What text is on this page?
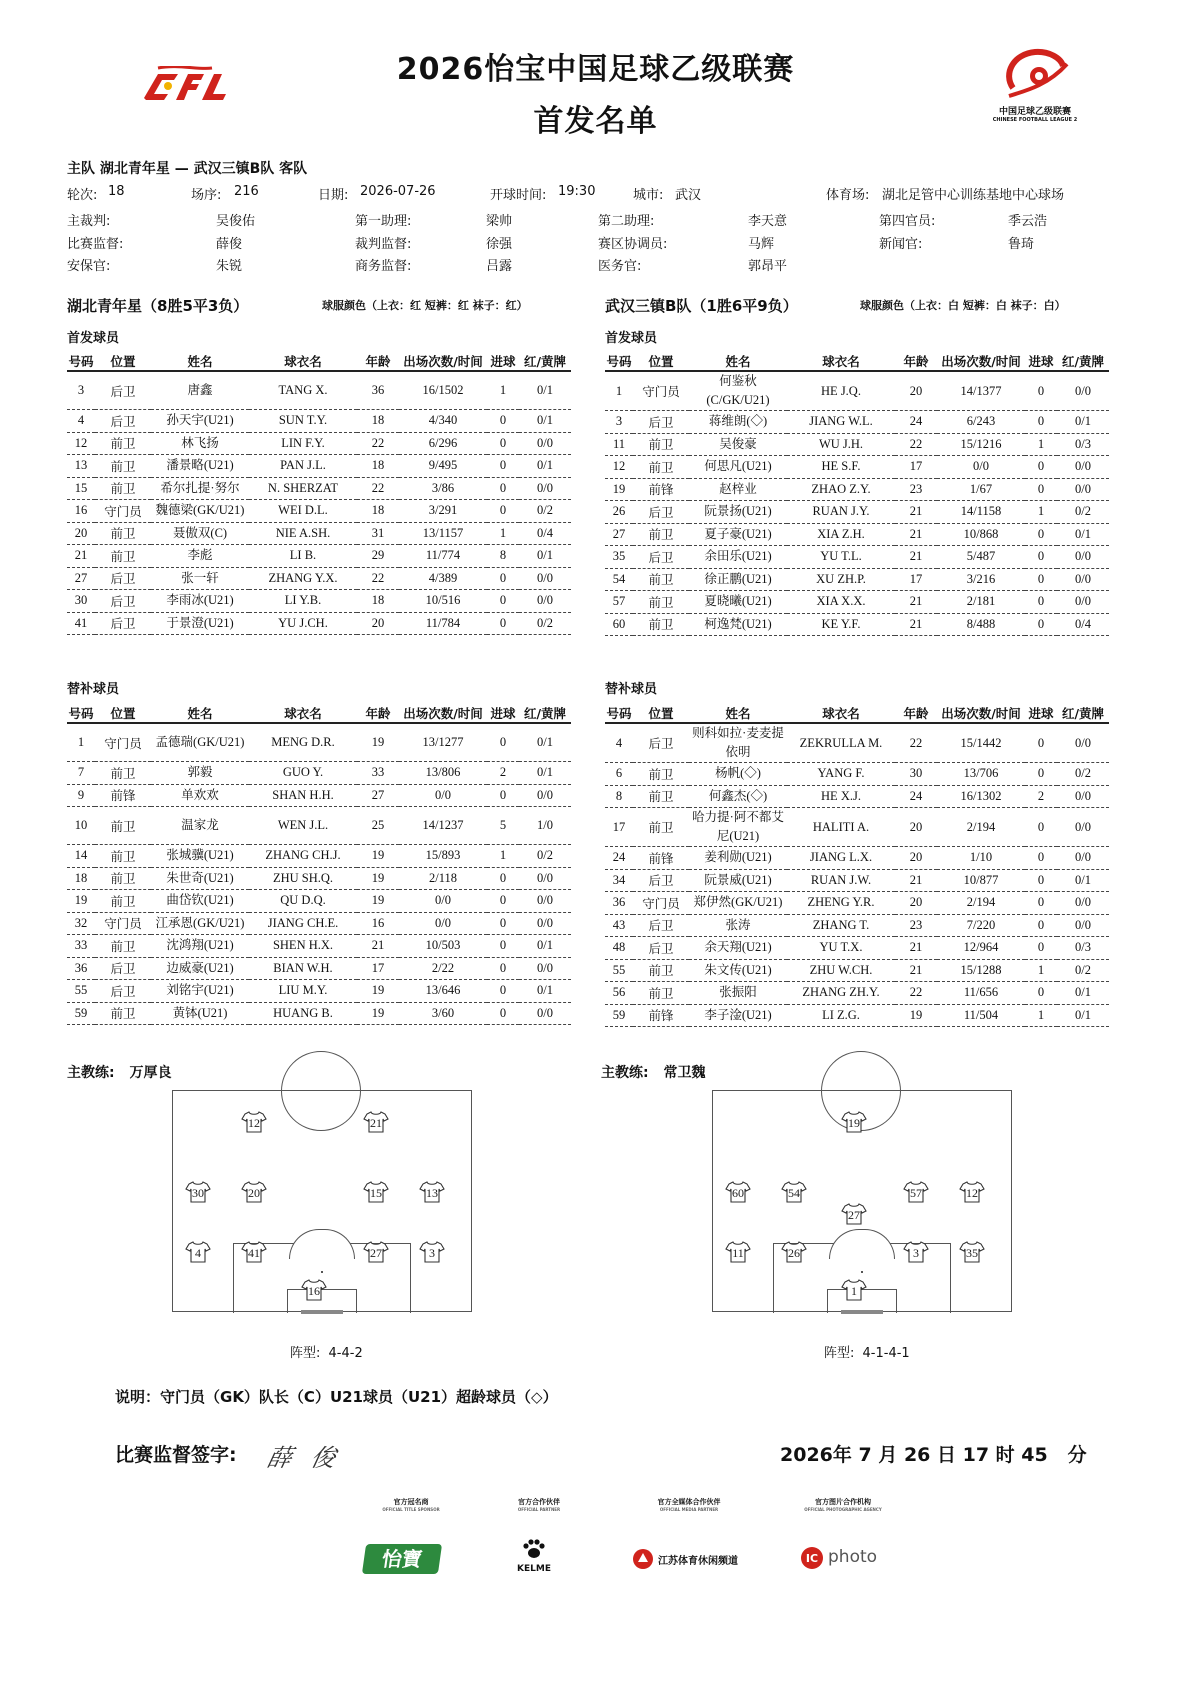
2026怡宝中国足球乙级联赛
首发名单	中国足球乙级联赛
CHINESE FOOTBALL LEAGUE 2
主队 湖北青年星 — 武汉三镇B队 客队
轮次: 18	场序: 216	日期: 2026-07-26	开球时间: 19:30	城市: 武汉	体育场: 湖北足管中心训练基地中心球场
主裁判:	吴俊佑	第一助理:	梁帅	第二助理:	李天意	第四官员:	季云浩
比赛监督:	薛俊	裁判监督:	徐强	赛区协调员:	马辉	新闻官:	鲁琦
安保官:	朱锐	商务监督:	吕露	医务官:	郭昂平
湖北青年星（8胜5平3负）	球服颜色（上衣：红 短裤：红 袜子：红）	武汉三镇B队（1胜6平9负）	球服颜色（上衣：白 短裤：白 袜子：白）
首发球员	首发球员
号码	位置	姓名	球衣名	年龄	出场次数/时间	进球	红/黄牌
3	后卫	唐鑫	TANG X.	36	16/1502	1	0/1
4	后卫	孙天宇(U21)	SUN T.Y.	18	4/340	0	0/1
12	前卫	林飞扬	LIN F.Y.	22	6/296	0	0/0
13	前卫	潘景略(U21)	PAN J.L.	18	9/495	0	0/1
15	前卫	希尔扎提·努尔	N. SHERZAT	22	3/86	0	0/0
16	守门员	魏德梁(GK/U21)	WEI D.L.	18	3/291	0	0/2
20	前卫	聂傲双(C)	NIE A.SH.	31	13/1157	1	0/4
21	前卫	李彪	LI B.	29	11/774	8	0/1
27	后卫	张一轩	ZHANG Y.X.	22	4/389	0	0/0
30	后卫	李雨冰(U21)	LI Y.B.	18	10/516	0	0/0
41	后卫	于景澄(U21)	YU J.CH.	20	11/784	0	0/2
号码	位置	姓名	球衣名	年龄	出场次数/时间	进球	红/黄牌
1	守门员	何鉴秋(C/GK/U21)	HE J.Q.	20	14/1377	0	0/0
3	后卫	蒋维朗(◇)	JIANG W.L.	24	6/243	0	0/1
11	前卫	吴俊豪	WU J.H.	22	15/1216	1	0/3
12	前卫	何思凡(U21)	HE S.F.	17	0/0	0	0/0
19	前锋	赵梓业	ZHAO Z.Y.	23	1/67	0	0/0
26	后卫	阮景扬(U21)	RUAN J.Y.	21	14/1158	1	0/2
27	前卫	夏子豪(U21)	XIA Z.H.	21	10/868	0	0/1
35	后卫	余田乐(U21)	YU T.L.	21	5/487	0	0/0
54	前卫	徐正鹏(U21)	XU ZH.P.	17	3/216	0	0/0
57	前卫	夏晓曦(U21)	XIA X.X.	21	2/181	0	0/0
60	前卫	柯逸梵(U21)	KE Y.F.	21	8/488	0	0/4
替补球员	替补球员
号码	位置	姓名	球衣名	年龄	出场次数/时间	进球	红/黄牌
1	守门员	孟德瑞(GK/U21)	MENG D.R.	19	13/1277	0	0/1
7	前卫	郭毅	GUO Y.	33	13/806	2	0/1
9	前锋	单欢欢	SHAN H.H.	27	0/0	0	0/0
10	前卫	温家龙	WEN J.L.	25	14/1237	5	1/0
14	前卫	张城骥(U21)	ZHANG CH.J.	19	15/893	1	0/2
18	前卫	朱世奇(U21)	ZHU SH.Q.	19	2/118	0	0/0
19	前卫	曲岱钦(U21)	QU D.Q.	19	0/0	0	0/0
32	守门员	江承恩(GK/U21)	JIANG CH.E.	16	0/0	0	0/0
33	前卫	沈鸿翔(U21)	SHEN H.X.	21	10/503	0	0/1
36	后卫	边威豪(U21)	BIAN W.H.	17	2/22	0	0/0
55	后卫	刘铭宇(U21)	LIU M.Y.	19	13/646	0	0/1
59	前卫	黄钵(U21)	HUANG B.	19	3/60	0	0/0
号码	位置	姓名	球衣名	年龄	出场次数/时间	进球	红/黄牌
4	后卫	则科如拉·麦麦提依明	ZEKRULLA M.	22	15/1442	0	0/0
6	前卫	杨帆(◇)	YANG F.	30	13/706	0	0/2
8	前卫	何鑫杰(◇)	HE X.J.	24	16/1302	2	0/0
17	前卫	哈力提·阿不都艾尼(U21)	HALITI A.	20	2/194	0	0/0
24	前锋	姜利勋(U21)	JIANG L.X.	20	1/10	0	0/0
34	后卫	阮景威(U21)	RUAN J.W.	21	10/877	0	0/1
36	守门员	郑伊然(GK/U21)	ZHENG Y.R.	20	2/194	0	0/0
43	后卫	张涛	ZHANG T.	23	7/220	0	0/0
48	后卫	余天翔(U21)	YU T.X.	21	12/964	0	0/3
55	前卫	朱文传(U21)	ZHU W.CH.	21	15/1288	1	0/2
56	前卫	张振阳	ZHANG ZH.Y.	22	11/656	0	0/1
59	前锋	李子淦(U21)	LI Z.G.	19	11/504	1	0/1
主教练: 万厚良	主教练: 常卫魏
12	21
30	20	15	13
4	41	27	3
16
19
60	54	57	12
27
11	26	3	35
1
阵型: 4-4-2	阵型: 4-1-4-1
说明：守门员（GK）队长（C）U21球员（U21）超龄球员（◇）
比赛监督签字: 薛 俊	2026年 7 月 26 日 17 时 45   分
官方冠名商
OFFICIAL TITLE SPONSOR
官方合作伙伴
OFFICIAL PARTNER
官方全媒体合作伙伴
OFFICIAL MEDIA PARTNER
官方图片合作机构
OFFICIAL PHOTOGRAPHIC AGENCY
怡寶	KELME
江苏体育休闲频道	IC photo
